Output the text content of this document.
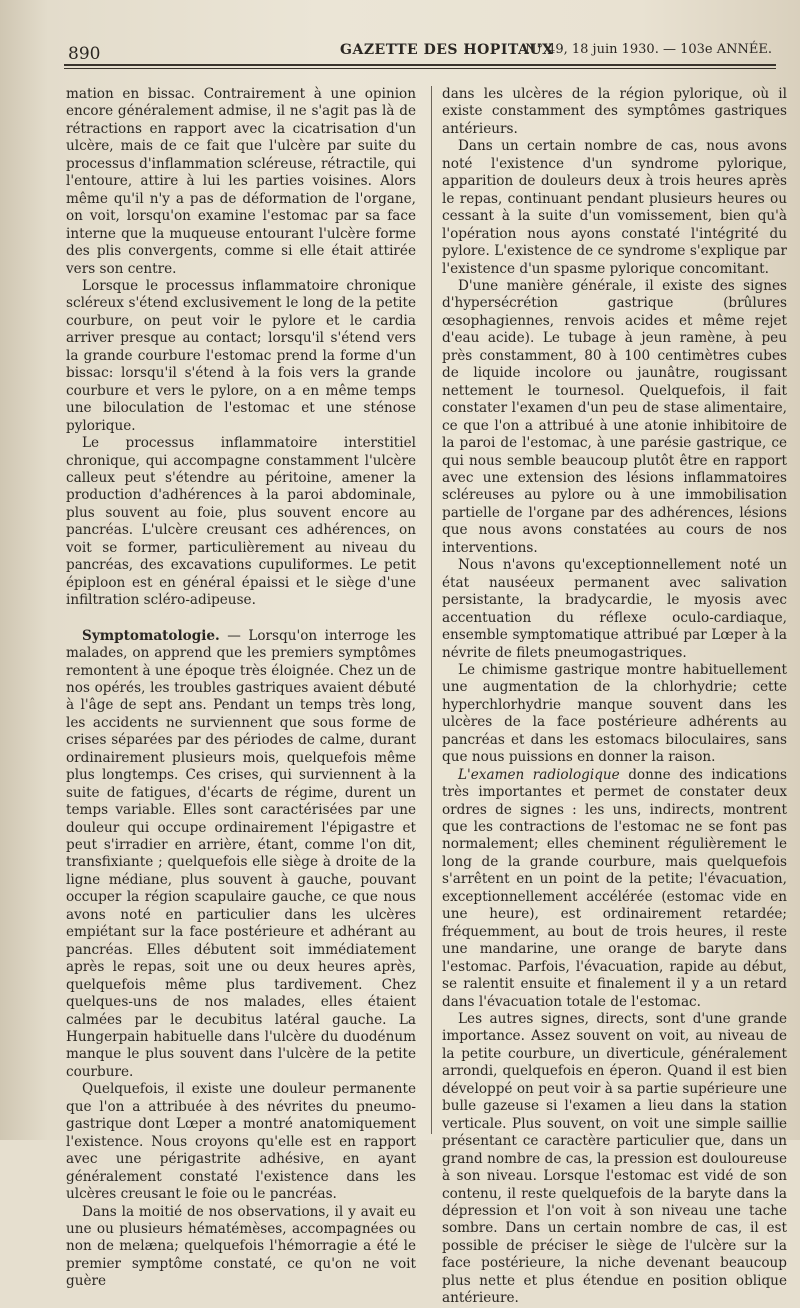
890	GAZETTE DES HOPITAUX
N° 49, 18 juin 1930. — 103e ANNÉE.

mation en bissac. Contrairement à une opinion encore généralement admise, il ne s'agit pas là de rétractions en rapport avec la cicatrisation d'un ulcère, mais de ce fait que l'ulcère par suite du processus d'inflammation scléreuse, rétractile, qui l'entoure, attire à lui les parties voisines. Alors même qu'il n'y a pas de déformation de l'organe, on voit, lorsqu'on examine l'estomac par sa face interne que la muqueuse entourant l'ulcère forme des plis convergents, comme si elle était attirée vers son centre.

Lorsque le processus inflammatoire chronique scléreux s'étend exclusivement le long de la petite courbure, on peut voir le pylore et le cardia arriver presque au contact; lorsqu'il s'étend vers la grande courbure l'estomac prend la forme d'un bissac: lorsqu'il s'étend à la fois vers la grande courbure et vers le pylore, on a en même temps une biloculation de l'estomac et une sténose pylorique.

Le processus inflammatoire interstitiel chronique, qui accompagne constamment l'ulcère calleux peut s'étendre au péritoine, amener la production d'adhérences à la paroi abdominale, plus souvent au foie, plus souvent encore au pancréas. L'ulcère creusant ces adhérences, on voit se former, particulièrement au niveau du pancréas, des excavations cupuliformes. Le petit épiploon est en général épaissi et le siège d'une infiltration scléro-adipeuse.

Symptomatologie. — Lorsqu'on interroge les malades, on apprend que les premiers symptômes remontent à une époque très éloignée. Chez un de nos opérés, les troubles gastriques avaient débuté à l'âge de sept ans. Pendant un temps très long, les accidents ne surviennent que sous forme de crises séparées par des périodes de calme, durant ordinairement plusieurs mois, quelquefois même plus longtemps. Ces crises, qui surviennent à la suite de fatigues, d'écarts de régime, durent un temps variable. Elles sont caractérisées par une douleur qui occupe ordinairement l'épigastre et peut s'irradier en arrière, étant, comme l'on dit, transfixiante ; quelquefois elle siège à droite de la ligne médiane, plus souvent à gauche, pouvant occuper la région scapulaire gauche, ce que nous avons noté en particulier dans les ulcères empiétant sur la face postérieure et adhérant au pancréas. Elles débutent soit immédiatement après le repas, soit une ou deux heures après, quelquefois même plus tardivement. Chez quelques-uns de nos malades, elles étaient calmées par le decubitus latéral gauche. La Hungerpain habituelle dans l'ulcère du duodénum manque le plus souvent dans l'ulcère de la petite courbure.

Quelquefois, il existe une douleur permanente que l'on a attribuée à des névrites du pneumo-gastrique dont Lœper a montré anatomiquement l'existence. Nous croyons qu'elle est en rapport avec une périgastrite adhésive, en ayant généralement constaté l'existence dans les ulcères creusant le foie ou le pancréas.

Dans la moitié de nos observations, il y avait eu une ou plusieurs hématémèses, accompagnées ou non de melæna; quelquefois l'hémorragie a été le premier symptôme constaté, ce qu'on ne voit guère

dans les ulcères de la région pylorique, où il existe constamment des symptômes gastriques antérieurs.

Dans un certain nombre de cas, nous avons noté l'existence d'un syndrome pylorique, apparition de douleurs deux à trois heures après le repas, continuant pendant plusieurs heures ou cessant à la suite d'un vomissement, bien qu'à l'opération nous ayons constaté l'intégrité du pylore. L'existence de ce syndrome s'explique par l'existence d'un spasme pylorique concomitant.

D'une manière générale, il existe des signes d'hypersécrétion gastrique (brûlures œsophagiennes, renvois acides et même rejet d'eau acide). Le tubage à jeun ramène, à peu près constamment, 80 à 100 centimètres cubes de liquide incolore ou jaunâtre, rougissant nettement le tournesol. Quelquefois, il fait constater l'examen d'un peu de stase alimentaire, ce que l'on a attribué à une atonie inhibitoire de la paroi de l'estomac, à une parésie gastrique, ce qui nous semble beaucoup plutôt être en rapport avec une extension des lésions inflammatoires scléreuses au pylore ou à une immobilisation partielle de l'organe par des adhérences, lésions que nous avons constatées au cours de nos interventions.

Nous n'avons qu'exceptionnellement noté un état nauséeux permanent avec salivation persistante, la bradycardie, le myosis avec accentuation du réflexe oculo-cardiaque, ensemble symptomatique attribué par Lœper à la névrite de filets pneumogastriques.

Le chimisme gastrique montre habituellement une augmentation de la chlorhydrie; cette hyperchlorhydrie manque souvent dans les ulcères de la face postérieure adhérents au pancréas et dans les estomacs biloculaires, sans que nous puissions en donner la raison.

L'examen radiologique donne des indications très importantes et permet de constater deux ordres de signes : les uns, indirects, montrent que les contractions de l'estomac ne se font pas normalement; elles cheminent régulièrement le long de la grande courbure, mais quelquefois s'arrêtent en un point de la petite; l'évacuation, exceptionnellement accélérée (estomac vide en une heure), est ordinairement retardée; fréquemment, au bout de trois heures, il reste une mandarine, une orange de baryte dans l'estomac. Parfois, l'évacuation, rapide au début, se ralentit ensuite et finalement il y a un retard dans l'évacuation totale de l'estomac.

Les autres signes, directs, sont d'une grande importance. Assez souvent on voit, au niveau de la petite courbure, un diverticule, généralement arrondi, quelquefois en éperon. Quand il est bien développé on peut voir à sa partie supérieure une bulle gazeuse si l'examen a lieu dans la station verticale. Plus souvent, on voit une simple saillie présentant ce caractère particulier que, dans un grand nombre de cas, la pression est douloureuse à son niveau. Lorsque l'estomac est vidé de son contenu, il reste quelquefois de la baryte dans la dépression et l'on voit à son niveau une tache sombre. Dans un certain nombre de cas, il est possible de préciser le siège de l'ulcère sur la face postérieure, la niche devenant beaucoup plus nette et plus étendue en position oblique antérieure.
